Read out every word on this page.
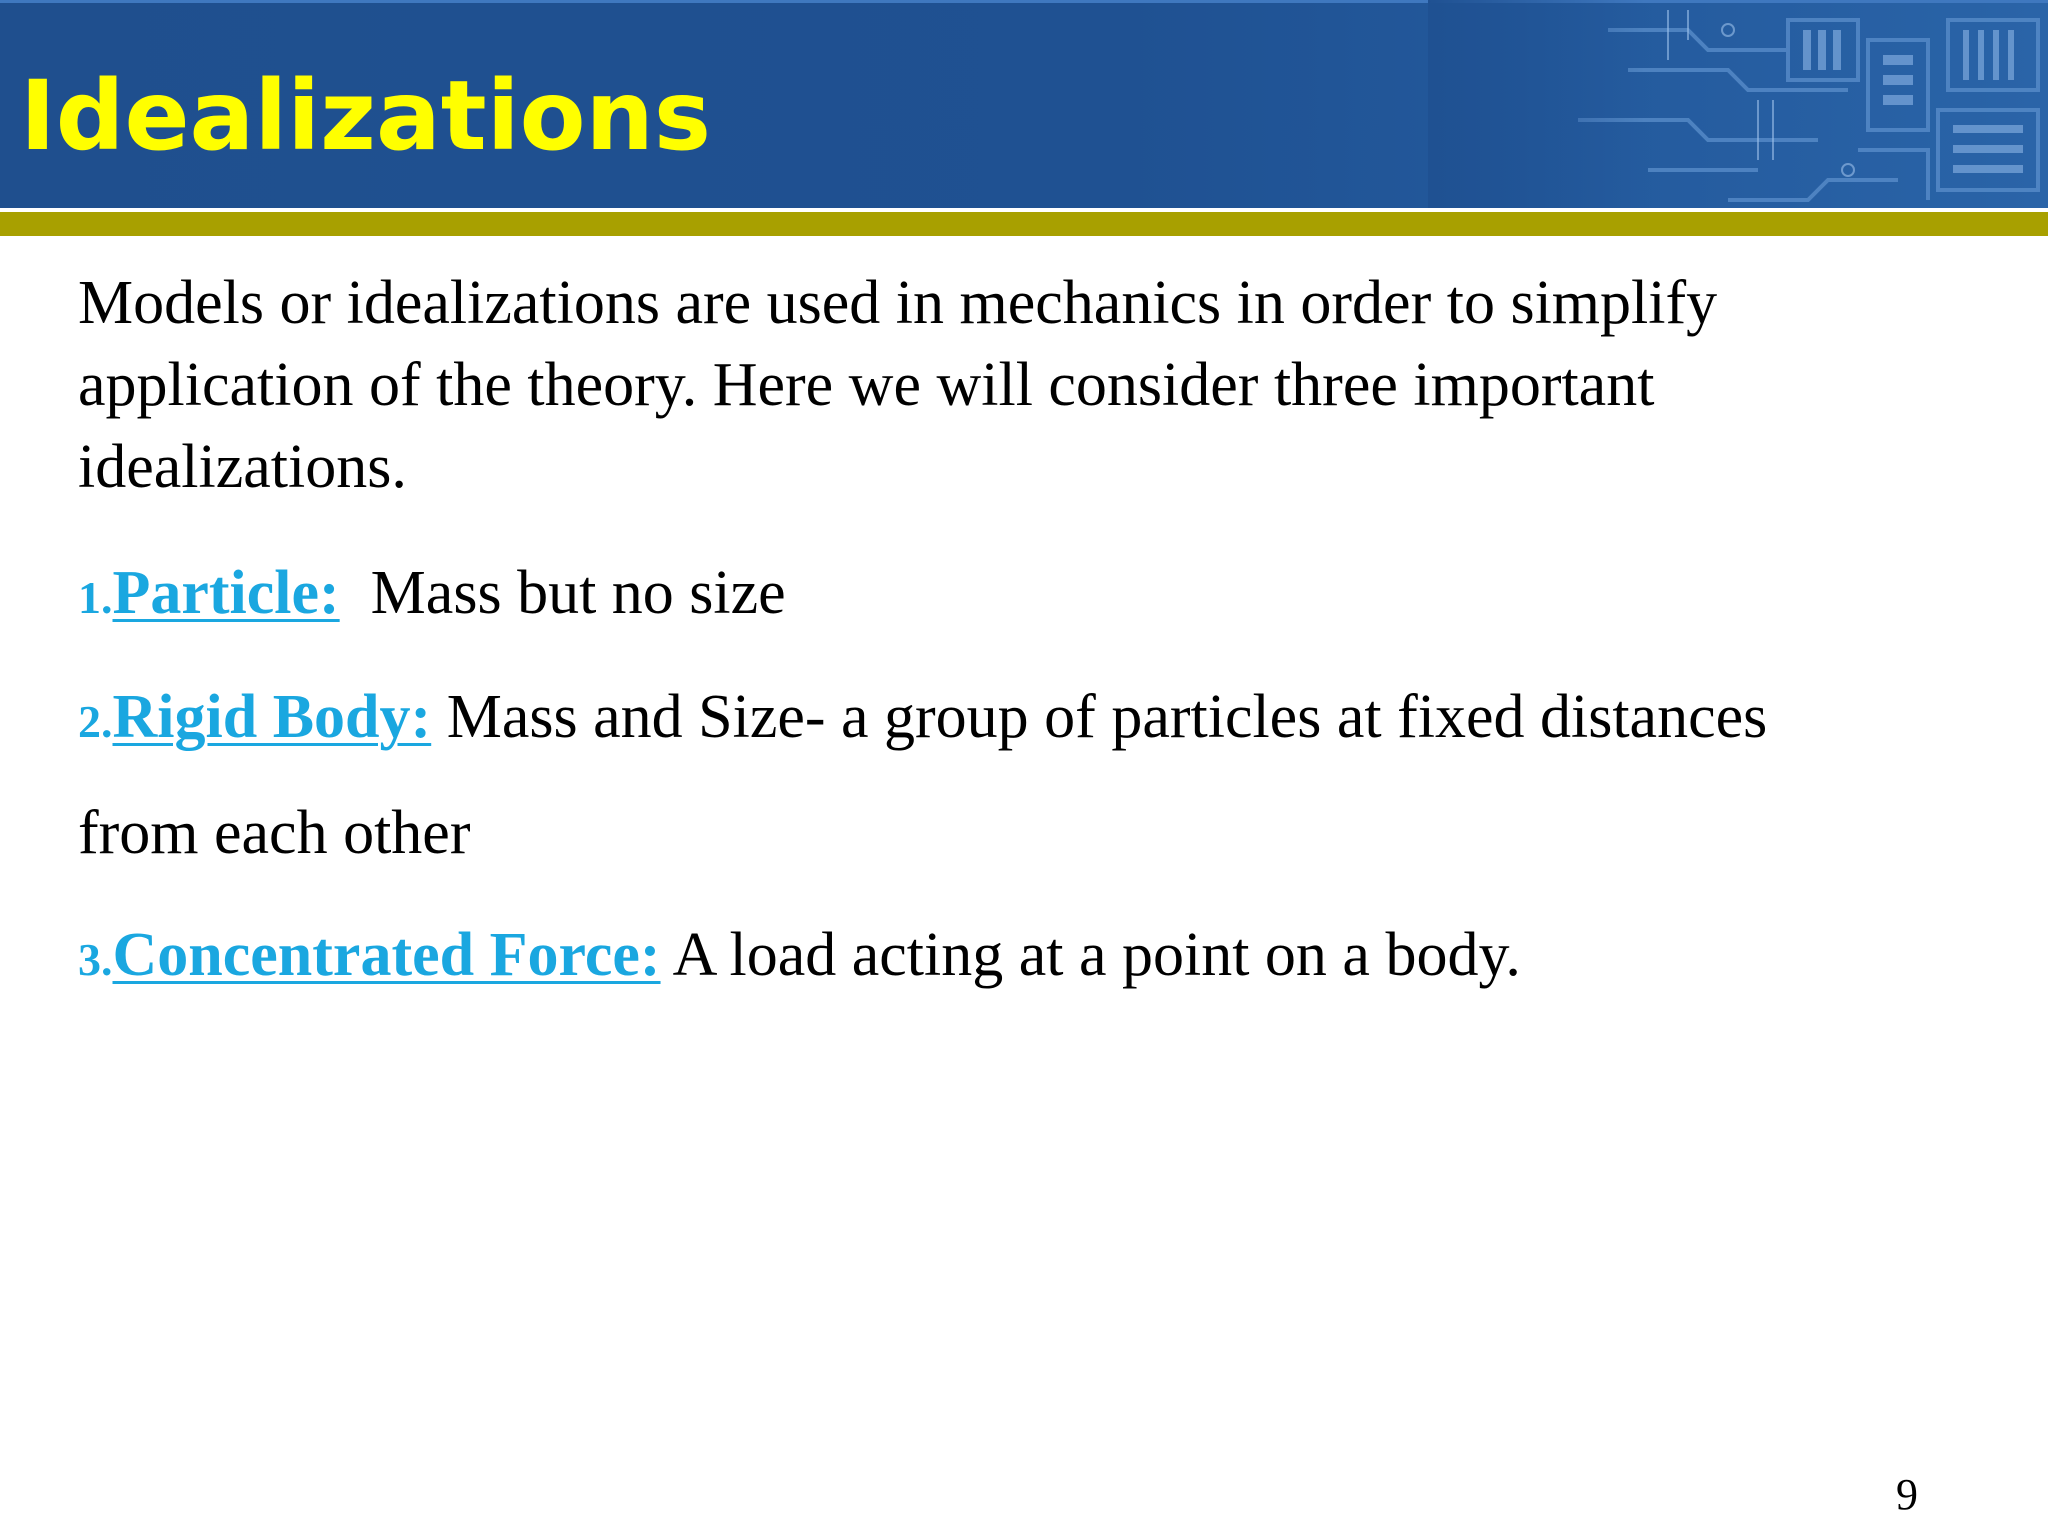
Idealizations

Models or idealizations are used in mechanics in order to simplify application of the theory. Here we will consider three important idealizations.

1.Particle:  Mass but no size

2.Rigid Body: Mass and Size- a group of particles at fixed distances

from each other

3.Concentrated Force: A load acting at a point on a body.

9
